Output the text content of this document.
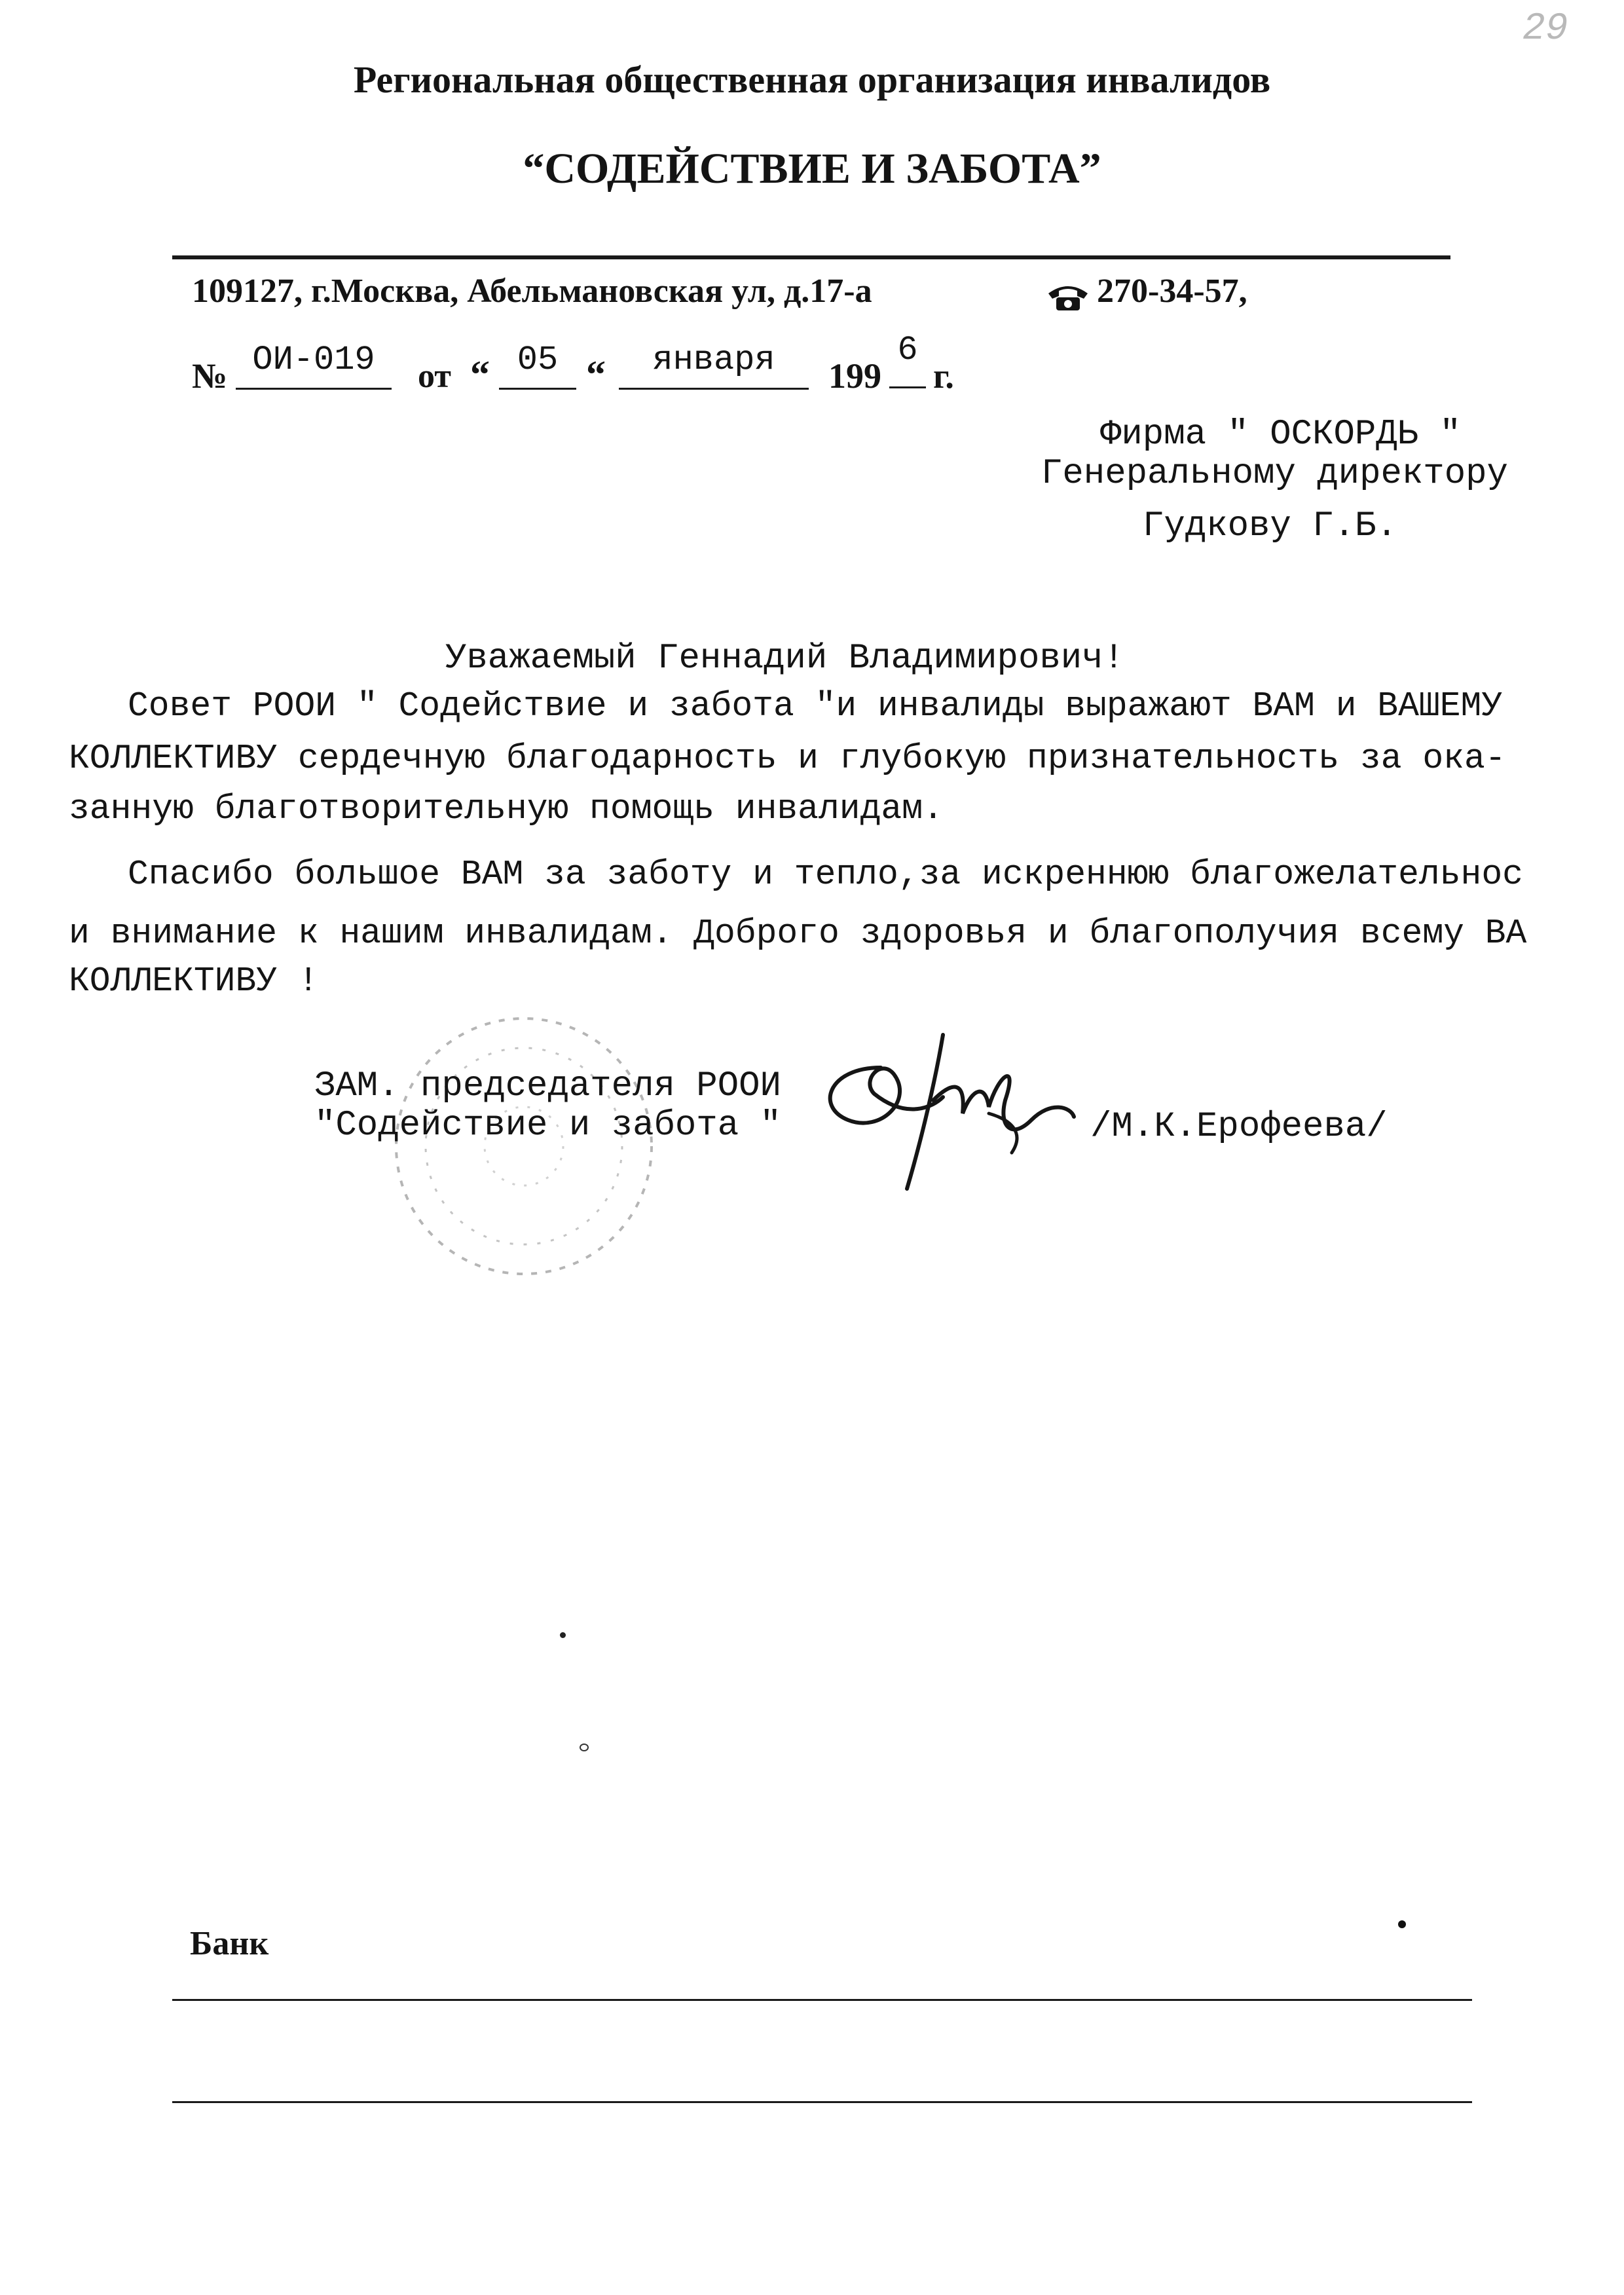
29
Региональная общественная организация инвалидов
“СОДЕЙСТВИЕ И ЗАБОТА”
109127, г.Москва, Абельмановская ул, д.17-а	270-34-57,
№ ОИ-019	от “ 05 “	января	199
6
г.
Фирма " ОСКОРДЬ "
Генеральному директору
Гудкову Г.Б.
Уважаемый Геннадий Владимирович!
Совет РООИ " Содействие и забота "и инвалиды выражают ВАМ и ВАШЕМУ
КОЛЛЕКТИВУ сердечную благодарность и глубокую признательность за ока-
занную благотворительную помощь инвалидам.
Спасибо большое ВАМ за заботу и тепло,за искреннюю благожелательнос
и внимание к нашим инвалидам. Доброго здоровья и благополучия всему ВА
КОЛЛЕКТИВУ !
ЗАМ. председателя РООИ
"Содействие и забота "	/М.К.Ерофеева/
Банк
